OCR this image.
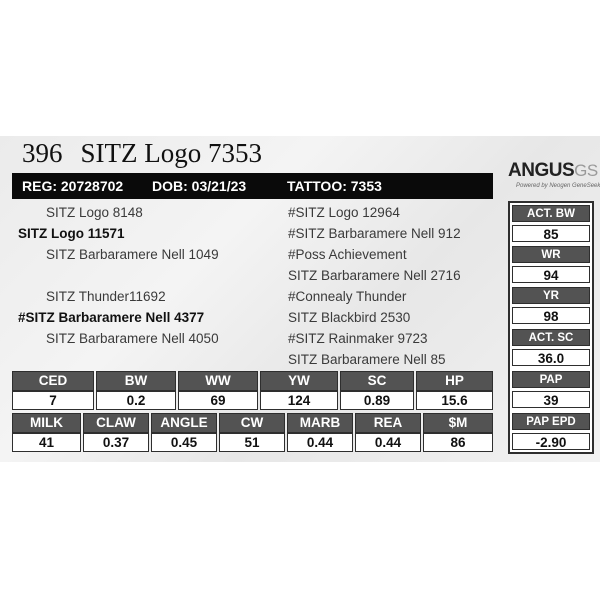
396 SITZ Logo 7353
REG: 20728702 DOB: 03/21/23	TATTOO: 7353
ANGUSGS
Powered by Neogen GeneSeek
SITZ Logo 8148
SITZ Logo 11571
SITZ Barbaramere Nell 1049
SITZ Thunder11692
#SITZ Barbaramere Nell 4377
SITZ Barbaramere Nell 4050
#SITZ Logo 12964
#SITZ Barbaramere Nell 912
#Poss Achievement
SITZ Barbaramere Nell 2716
#Connealy Thunder
SITZ Blackbird 2530
#SITZ Rainmaker 9723
SITZ Barbaramere Nell 85
CED	BW	WW	YW	SC	HP
7	0.2	69	124	0.89	15.6
MILK	CLAW	ANGLE	CW	MARB	REA	$M
41	0.37	0.45	51	0.44	0.44	86
ACT. BW
85
WR
94
YR
98
ACT. SC
36.0
PAP
39
PAP EPD
-2.90
